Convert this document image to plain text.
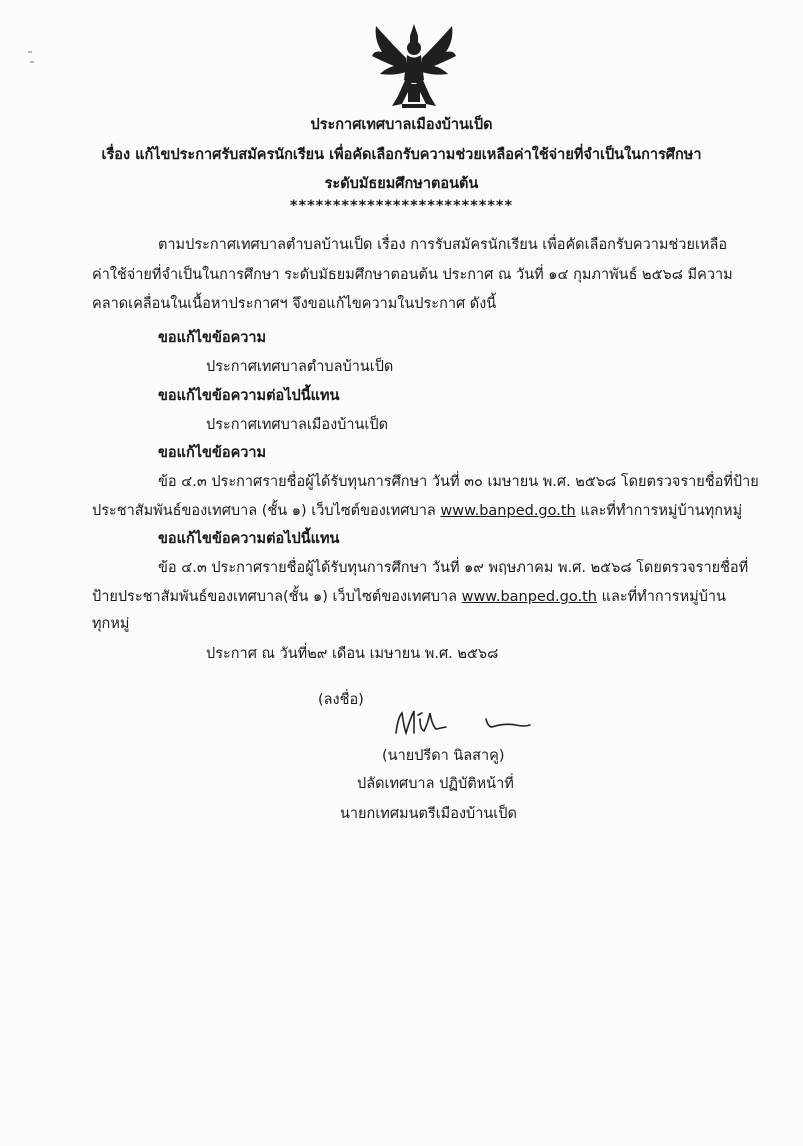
ประกาศเทศบาลเมืองบ้านเป็ด
เรื่อง แก้ไขประกาศรับสมัครนักเรียน เพื่อคัดเลือกรับความช่วยเหลือค่าใช้จ่ายที่จำเป็นในการศึกษา
ระดับมัธยมศึกษาตอนต้น
**************************
ตามประกาศเทศบาลตำบลบ้านเป็ด เรื่อง การรับสมัครนักเรียน เพื่อคัดเลือกรับความช่วยเหลือ
ค่าใช้จ่ายที่จำเป็นในการศึกษา ระดับมัธยมศึกษาตอนต้น ประกาศ ณ วันที่ ๑๔ กุมภาพันธ์ ๒๕๖๘ มีความ
คลาดเคลื่อนในเนื้อหาประกาศฯ จึงขอแก้ไขความในประกาศ ดังนี้
ขอแก้ไขข้อความ
ประกาศเทศบาลตำบลบ้านเป็ด
ขอแก้ไขข้อความต่อไปนี้แทน
ประกาศเทศบาลเมืองบ้านเป็ด
ขอแก้ไขข้อความ
ข้อ ๔.๓ ประกาศรายชื่อผู้ได้รับทุนการศึกษา วันที่ ๓๐ เมษายน พ.ศ. ๒๕๖๘ โดยตรวจรายชื่อที่ป้าย
ประชาสัมพันธ์ของเทศบาล (ชั้น ๑) เว็บไซต์ของเทศบาล www.banped.go.th และที่ทำการหมู่บ้านทุกหมู่
ขอแก้ไขข้อความต่อไปนี้แทน
ข้อ ๔.๓ ประกาศรายชื่อผู้ได้รับทุนการศึกษา วันที่ ๑๙ พฤษภาคม พ.ศ. ๒๕๖๘ โดยตรวจรายชื่อที่
ป้ายประชาสัมพันธ์ของเทศบาล(ชั้น ๑) เว็บไซต์ของเทศบาล www.banped.go.th และที่ทำการหมู่บ้าน
ทุกหมู่
ประกาศ ณ วันที่๒๙ เดือน เมษายน พ.ศ. ๒๕๖๘
(ลงชื่อ)
(นายปรีดา นิลสาคู)
ปลัดเทศบาล ปฏิบัติหน้าที่
นายกเทศมนตรีเมืองบ้านเป็ด
